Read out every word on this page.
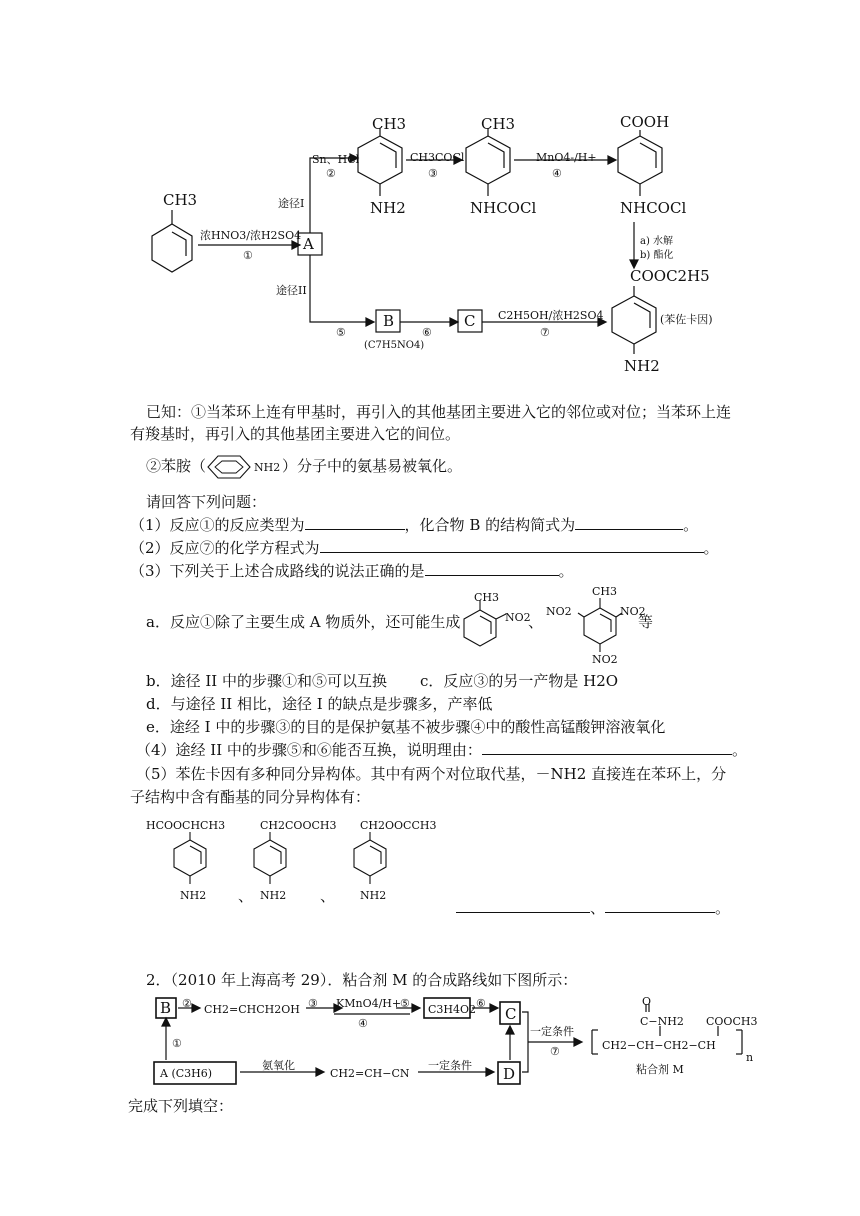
CH3
浓HNO3/浓H2SO4
①
A
途径I
途径II
Sn、HCl
②
CH3
NH2
CH3COCl
③
CH3
NHCOCl
MnO4-/H+
④
COOH
NHCOCl
a) 水解
b) 酯化
COOC2H5
(苯佐卡因)
NH2
B
(C7H5NO4)
⑤	⑥
C C2H5OH/浓H2SO4
⑦
已知：①当苯环上连有甲基时，再引入的其他基团主要进入它的邻位或对位；当苯环上连
有羧基时，再引入的其他基团主要进入它的间位。
②苯胺（	NH2 ）分子中的氨基易被氧化。
请回答下列问题：
（1）反应①的反应类型为	，化合物 B 的结构简式为	。
（2）反应⑦的化学方程式为	。
（3）下列关于上述合成路线的说法正确的是	。
a．反应①除了主要生成 A 物质外，还可能生成
CH3
NO2
、
CH3
NO2	NO2
NO2
等
b．途径 II 中的步骤①和⑤可以互换 c．反应③的另一产物是 H2O
d．与途径 II 相比，途径 I 的缺点是步骤多，产率低
e．途经 I 中的步骤③的目的是保护氨基不被步骤④中的酸性高锰酸钾溶液氧化
（4）途经 II 中的步骤⑤和⑥能否互换，说明理由：	。
（5）苯佐卡因有多种同分异构体。其中有两个对位取代基，－NH2 直接连在苯环上，分
子结构中含有酯基的同分异构体有：
HCOOCHCH3	CH2COOCH3 CH2OOCCH3
NH2	NH2	NH2
、	、
、	。
2．（2010 年上海高考 29）．粘合剂 M 的合成路线如下图所示：
B ② CH2=CHCH2OH ③ KMnO4/H+
④
⑤ C3H4O2 ⑥
C
①
A (C3H6)
氨氧化
CH2=CH−CN
一定条件 D
一定条件
⑦
O
C−NH2 COOCH3
CH2−CH−CH2−CH
n
粘合剂 M
完成下列填空：
